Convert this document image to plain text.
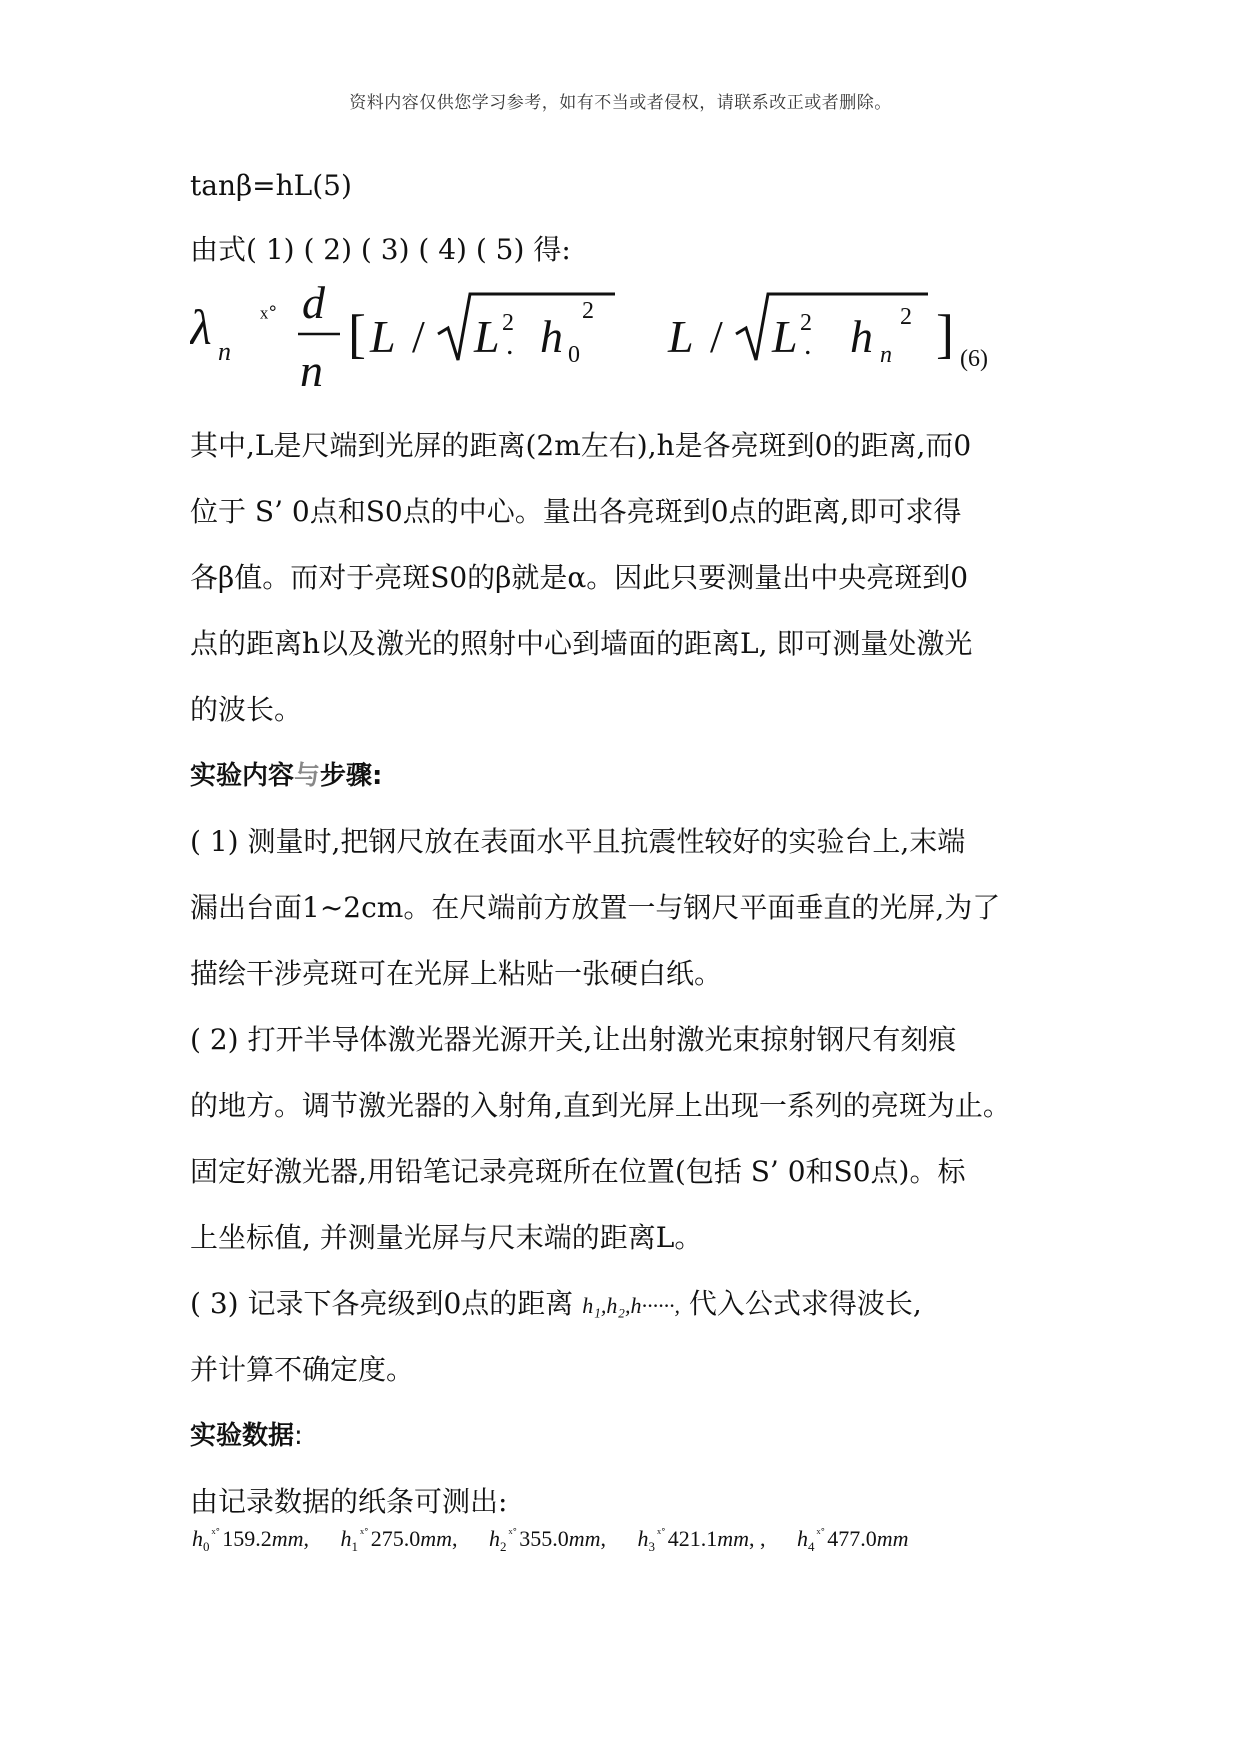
资料内容仅供您学习参考，如有不当或者侵权，请联系改正或者删除。
tanβ=hL(5)
由式( 1) ( 2) ( 3) ( 4) ( 5) 得:
λ n
ˣ˚ d
n
[ L / L 2
. h 0
2 L / L 2
. h n
2 ] (6)
其中,L是尺端到光屏的距离(2m左右),h是各亮斑到0的距离,而0
位于 S’ 0点和S0点的中心。量出各亮斑到0点的距离,即可求得
各β值。而对于亮斑S0的β就是α。因此只要测量出中央亮斑到0
点的距离h以及激光的照射中心到墙面的距离L, 即可测量处激光
的波长。
实验内容与步骤:
( 1) 测量时,把钢尺放在表面水平且抗震性较好的实验台上,末端
漏出台面1~2cm。在尺端前方放置一与钢尺平面垂直的光屏,为了
描绘干涉亮斑可在光屏上粘贴一张硬白纸。
( 2) 打开半导体激光器光源开关,让出射激光束掠射钢尺有刻痕
的地方。调节激光器的入射角,直到光屏上出现一系列的亮斑为止。
固定好激光器,用铅笔记录亮斑所在位置(包括 S’ 0和S0点)。标
上坐标值, 并测量光屏与尺末端的距离L。
( 3) 记录下各亮级到0点的距离 h₁,h₂,h······, 代入公式求得波长,
并计算不确定度。
实验数据:
由记录数据的纸条可测出:
$h_0^{ˣ˚}159.2mm$, $h_1^{ˣ˚}275.0mm$, $h_2^{ˣ˚}355.0mm$, $h_3^{ˣ˚}421.1mm$, , $h_4^{ˣ˚}477.0mm$
